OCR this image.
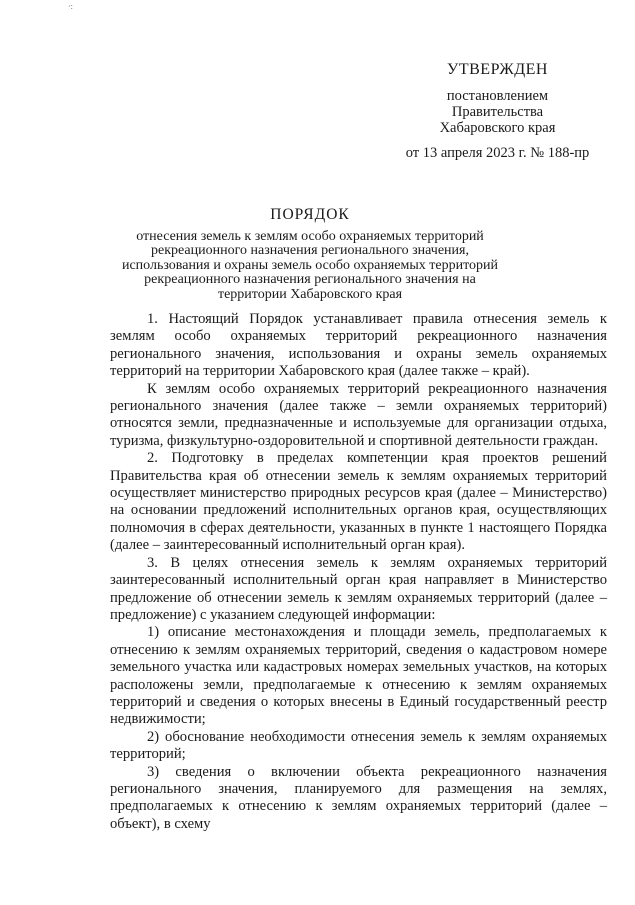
·:
УТВЕРЖДЕН
постановлением
Правительства
Хабаровского края
от 13 апреля 2023 г. № 188-пр
ПОРЯДОК
отнесения земель к землям особо охраняемых территорий рекреационного назначения регионального значения, использования и охраны земель особо охраняемых территорий рекреационного назначения регионального значения на территории Хабаровского края

1. Настоящий Порядок устанавливает правила отнесения земель к землям особо охраняемых территорий рекреационного назначения регионального значения, использования и охраны земель охраняемых территорий на территории Хабаровского края (далее также – край).

К землям особо охраняемых территорий рекреационного назначения регионального значения (далее также – земли охраняемых территорий) относятся земли, предназначенные и используемые для организации отдыха, туризма, физкультурно-оздоровительной и спортивной деятельности граждан.

2. Подготовку в пределах компетенции края проектов решений Правительства края об отнесении земель к землям охраняемых территорий осуществляет министерство природных ресурсов края (далее – Министерство) на основании предложений исполнительных органов края, осуществляющих полномочия в сферах деятельности, указанных в пункте 1 настоящего Порядка (далее – заинтересованный исполнительный орган края).

3. В целях отнесения земель к землям охраняемых территорий заинтересованный исполнительный орган края направляет в Министерство предложение об отнесении земель к землям охраняемых территорий (далее – предложение) с указанием следующей информации:

1) описание местонахождения и площади земель, предполагаемых к отнесению к землям охраняемых территорий, сведения о кадастровом номере земельного участка или кадастровых номерах земельных участков, на которых расположены земли, предполагаемые к отнесению к землям охраняемых территорий и сведения о которых внесены в Единый государственный реестр недвижимости;

2) обоснование необходимости отнесения земель к землям охраняемых территорий;

3) сведения о включении объекта рекреационного назначения регионального значения, планируемого для размещения на землях, предполагаемых к отнесению к землям охраняемых территорий (далее – объект), в схему
